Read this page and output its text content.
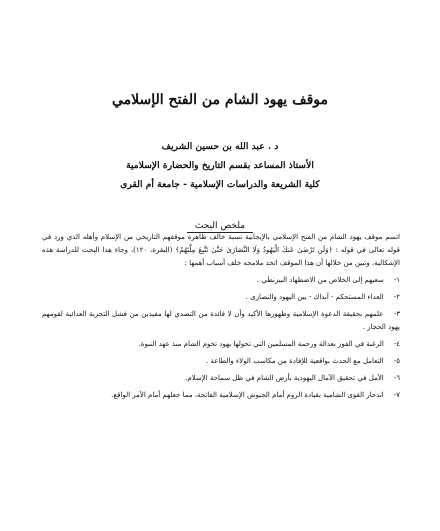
موقف يهود الشام من الفتح الإسلامي
د . عبد الله بن حسين الشريف
الأستاذ المساعد بقسم التاريخ والحضارة الإسلامية
كلية الشريعة والدراسات الإسلامية - جامعة أم القرى
ملخص البحث

اتسم موقف يهود الشام من الفتح الإسلامي بالإيجابية نسبة خالف ظاهره موقفهم التاريخي من الإسلام وأهله الذي ورد في قوله تعالى في قوله : ﴿وَلَن تَرْضَىٰ عَنكَ الْيَهُودُ وَلَا النَّصَارَىٰ حَتَّىٰ تَتَّبِعَ مِلَّتَهُمْ﴾ (البقرة، ١٢٠)، وجاء هذا البحث للدراسة هذه الإشكالية، وتبين من خلالها أن هذا الموقف اتخذ ملامحه خلف أسباب أهمها :

١- سعيهم إلى الخلاص من الاضطهاد البيزنطي .
٢- العداء المستحكم - آنذاك - بين اليهود والنصارى .
٣- علمهم بحقيقة الدعوة الإسلامية وظهورها الأكيد وأن لا فائدة من التصدي لها مفيدين من فشل التجربة العدائية لقومهم يهود الحجاز .
٤- الرغبة في الفوز بعدالة ورحمة المسلمين التي تحولها يهود تخوم الشام منذ عهد النبوة.
٥- التعامل مع الحدث بواقعية للإفادة من مكاسب الولاء والطاعة .
٦- الأمل في تحقيق الآمال اليهودية بأرض الشام في ظل سماحة الإسلام.
٧- اندحار القوى الشامية بقيادة الروم أمام الجيوش الإسلامية الفاتحة، مما جعلهم أمام الأمر الواقع.
